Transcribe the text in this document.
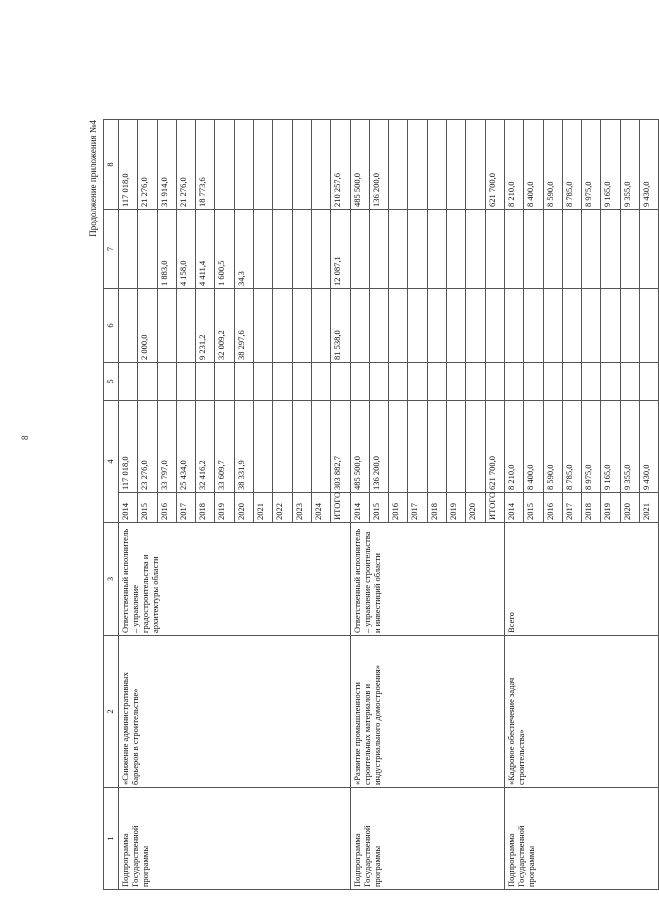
8
Продолжение приложения №4
1	2	3	4		5	6	7	8
Подпрограмма Государственной программы	«Снижение административных барьеров в строительстве»	Ответственный исполнитель – управление градостроительства и архитектуры области	2014	117 018,0				117 018,0
			2015	23 276,0		2 000,0		21 276,0
			2016	33 797,0			1 883,0	31 914,0
			2017	25 434,0			4 158,0	21 276,0
			2018	32 416,2		9 231,2	4 411,4	18 773,6
			2019	33 609,7		32 009,2	1 600,5	
			2020	38 331,9		38 297,6	34,3	
			2021					
			2022					
			2023					
			2024					
			ИТОГО	303 882,7		81 538,0	12 087,1	210 257,6
Подпрограмма Государственной программы	«Развитие промышленности строительных материалов и индустриального домостроения»	Ответственный исполнитель – управление строительства и инвестиций области	2014	485 500,0				485 500,0
			2015	136 200,0				136 200,0
			2016					
			2017					
			2018					
			2019					
			2020					
			ИТОГО	621 700,0				621 700,0
Подпрограмма Государственной программы	«Кадровое обеспечение задач строительства»	Всего	2014	8 210,0				8 210,0
			2015	8 400,0				8 400,0
			2016	8 590,0				8 590,0
			2017	8 785,0				8 785,0
			2018	8 975,0				8 975,0
			2019	9 165,0				9 165,0
			2020	9 355,0				9 355,0
			2021	9 430,0				9 430,0
